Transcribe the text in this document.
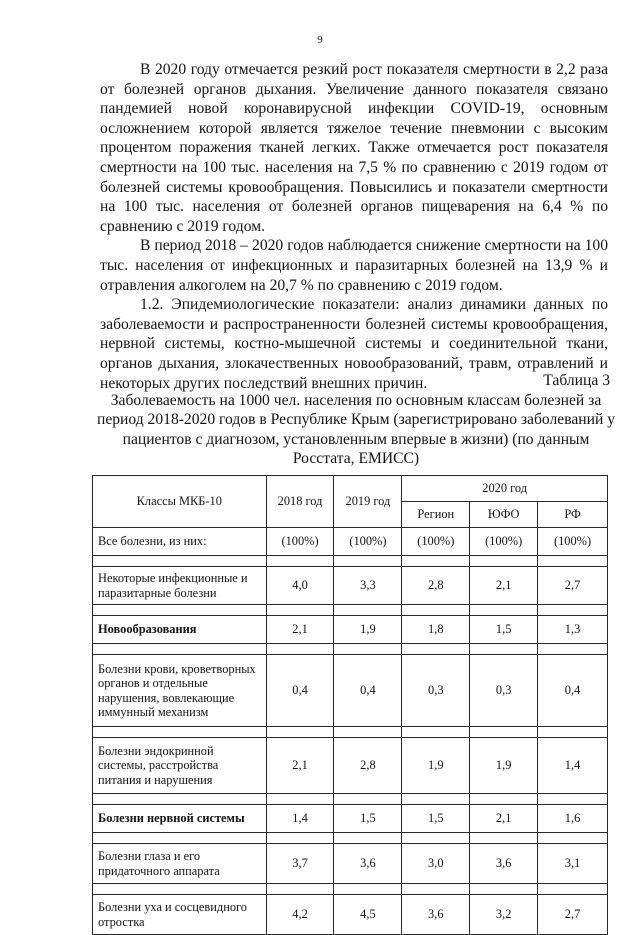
9

В 2020 году отмечается резкий рост показателя смертности в 2,2 раза от болезней органов дыхания. Увеличение данного показателя связано пандемией новой коронавирусной инфекции COVID-19, основным осложнением которой является тяжелое течение пневмонии с высоким процентом поражения тканей легких. Также отмечается рост показателя смертности на 100 тыс. населения на 7,5 % по сравнению с 2019 годом от болезней системы кровообращения. Повысились и показатели смертности на 100 тыс. населения от болезней органов пищеварения на 6,4 % по сравнению с 2019 годом.

В период 2018 – 2020 годов наблюдается снижение смертности на 100 тыс. населения от инфекционных и паразитарных болезней на 13,9 % и отравления алкоголем на 20,7 % по сравнению с 2019 годом.

1.2. Эпидемиологические показатели: анализ динамики данных по заболеваемости и распространенности болезней системы кровообращения, нервной системы, костно-мышечной системы и соединительной ткани, органов дыхания, злокачественных новообразований, травм, отравлений и некоторых других последствий внешних причин.	Таблица 3
Заболеваемость на 1000 чел. населения по основным классам болезней за период 2018-2020 годов в Республике Крым (зарегистрировано заболеваний у пациентов с диагнозом, установленным впервые в жизни) (по данным Росстата, ЕМИСС)
Классы МКБ-10	2018 год	2019 год	2020 год		
			Регион	ЮФО	РФ
Все болезни, из них:	(100%)	(100%)	(100%)	(100%)	(100%)

Некоторые инфекционные и паразитарные болезни	4,0	3,3	2,8	2,1	2,7

Новообразования	2,1	1,9	1,8	1,5	1,3

Болезни крови, кроветворных органов и отдельные нарушения, вовлекающие иммунный механизм	0,4	0,4	0,3	0,3	0,4

Болезни эндокринной системы, расстройства питания и нарушения	2,1	2,8	1,9	1,9	1,4

Болезни нервной системы	1,4	1,5	1,5	2,1	1,6

Болезни глаза и его придаточного аппарата	3,7	3,6	3,0	3,6	3,1

Болезни уха и сосцевидного отростка	4,2	4,5	3,6	3,2	2,7
